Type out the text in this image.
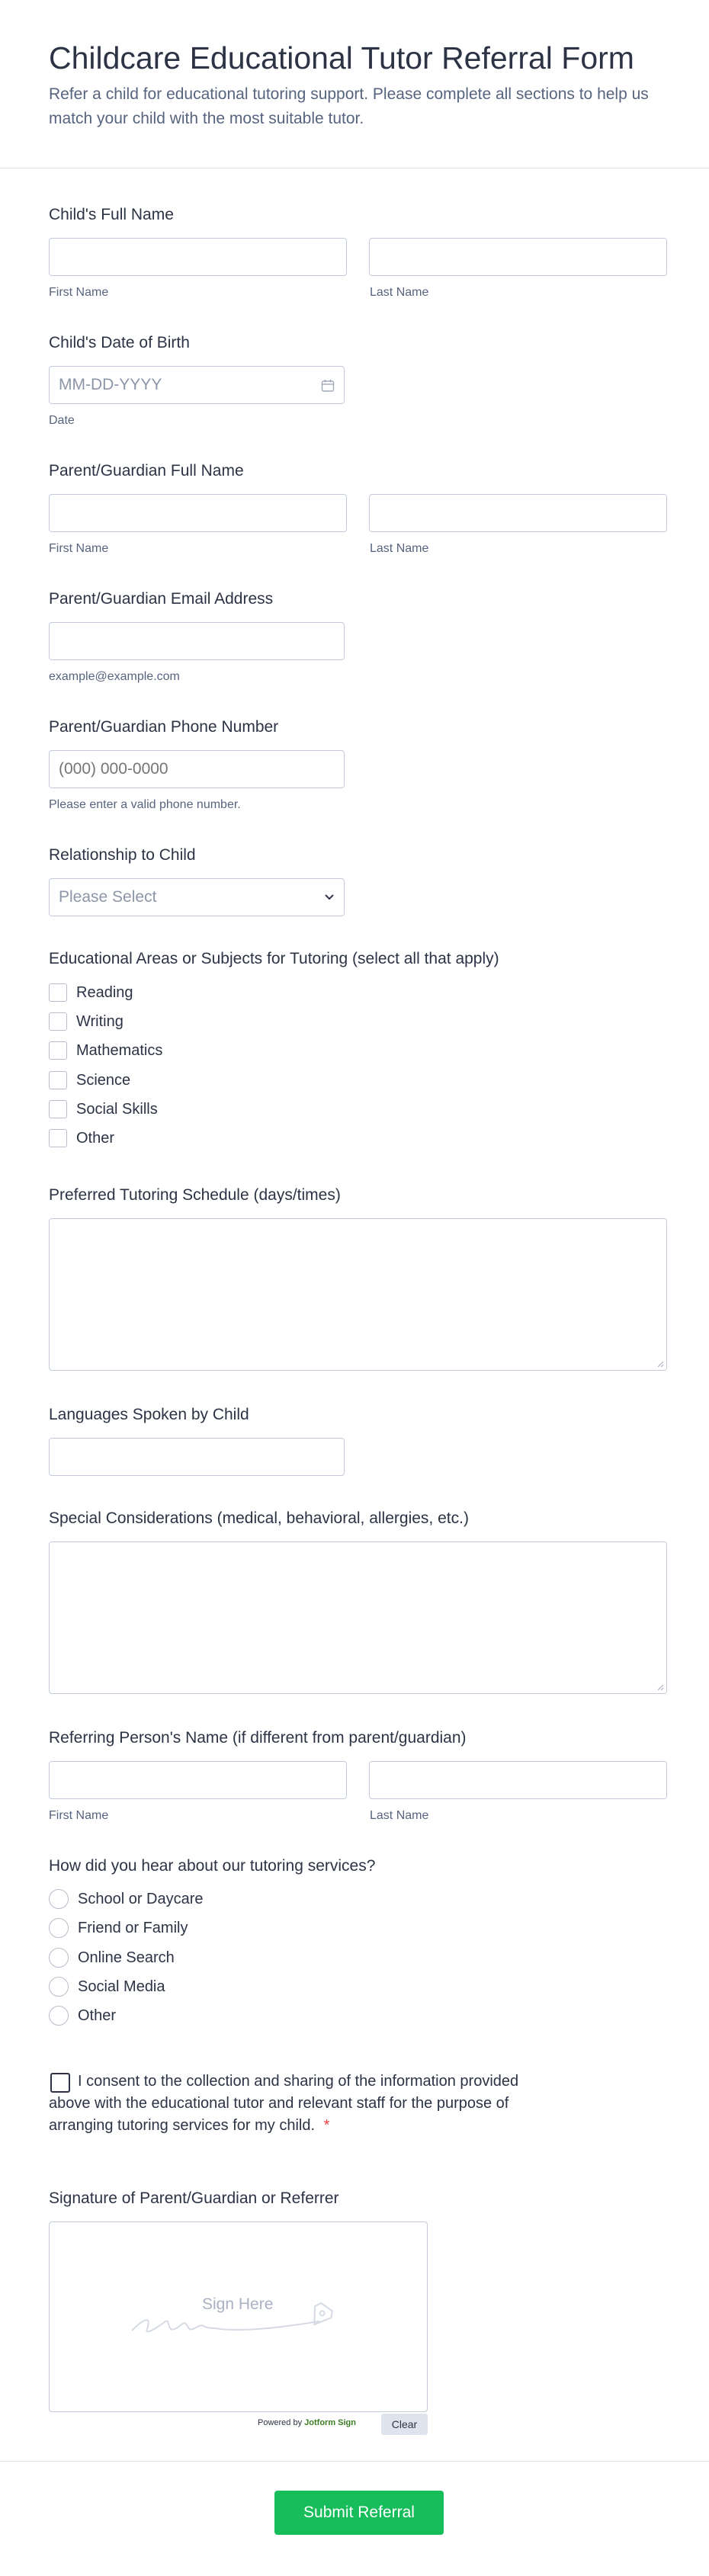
Childcare Educational Tutor Referral Form

Refer a child for educational tutoring support. Please complete all sections to help us match your child with the most suitable tutor.

Child's Full Name
First Name	Last Name
Child's Date of Birth
MM-DD-YYYY
Date
Parent/Guardian Full Name
First Name	Last Name
Parent/Guardian Email Address
example@example.com
Parent/Guardian Phone Number
(000) 000-0000
Please enter a valid phone number.
Relationship to Child
Please Select
Educational Areas or Subjects for Tutoring (select all that apply)
Reading
Writing
Mathematics
Science
Social Skills
Other
Preferred Tutoring Schedule (days/times)
Languages Spoken by Child
Special Considerations (medical, behavioral, allergies, etc.)
Referring Person's Name (if different from parent/guardian)
First Name	Last Name
How did you hear about our tutoring services?
School or Daycare
Friend or Family
Online Search
Social Media
Other
I consent to the collection and sharing of the information provided above with the educational tutor and relevant staff for the purpose of arranging tutoring services for my child. *
Signature of Parent/Guardian or Referrer
Sign Here
Powered by Jotform Sign	Clear
Submit Referral
